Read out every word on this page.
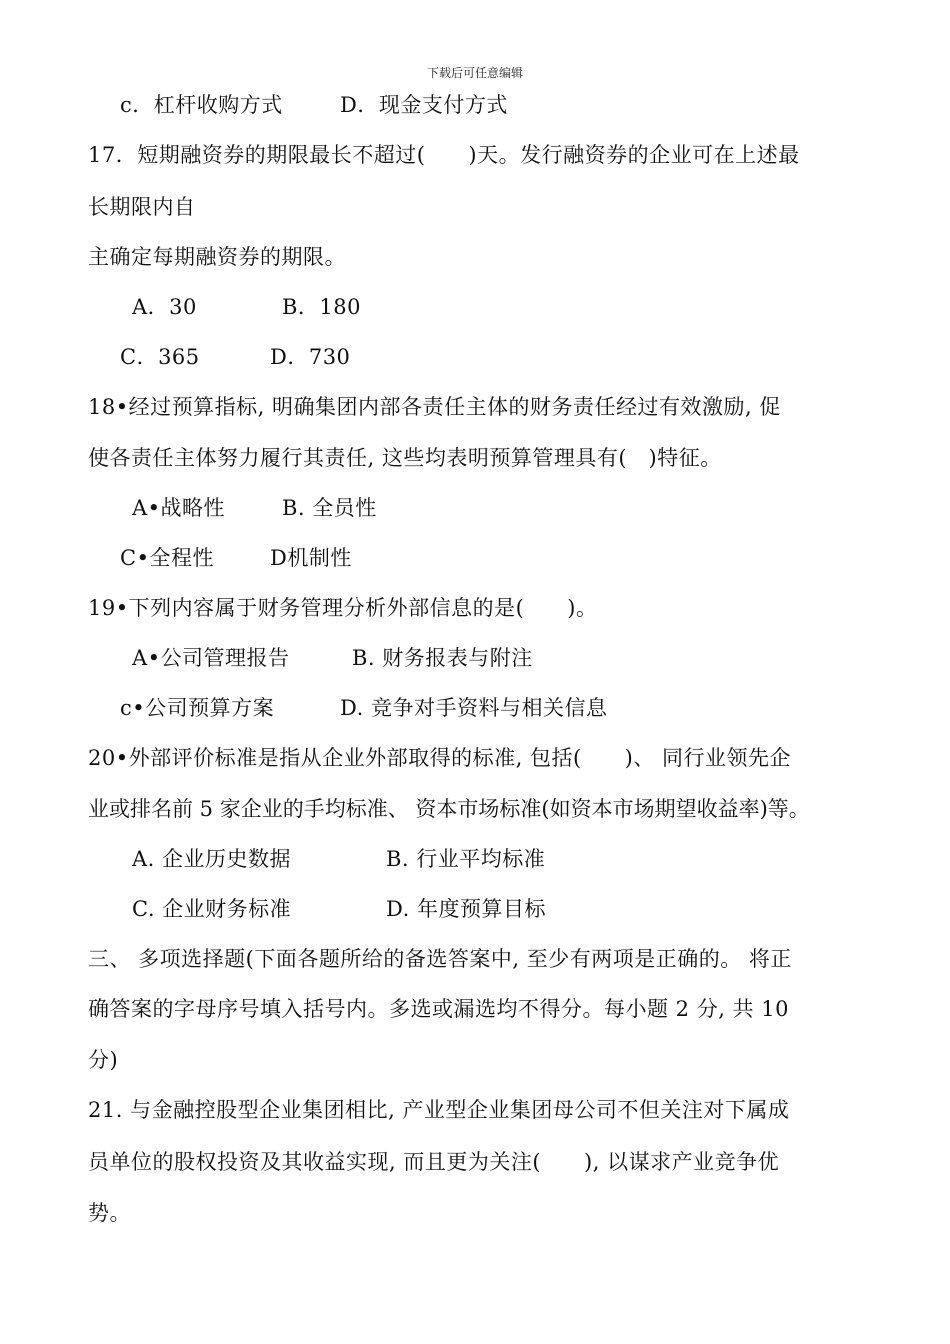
下载后可任意编辑
c．杠杆收购方式	D．现金支付方式
17．短期融资券的期限最长不超过(　　)天。发行融资券的企业可在上述最
长期限内自
主确定每期融资券的期限。
A．30	B．180
C．365	D．730
18•经过预算指标, 明确集团内部各责任主体的财务责任经过有效激励, 促
使各责任主体努力履行其责任, 这些均表明预算管理具有(　)特征。
A•战略性	B. 全员性
C•全程性	D机制性
19•下列内容属于财务管理分析外部信息的是(　　)。
A•公司管理报告	B. 财务报表与附注
c•公司预算方案	D. 竞争对手资料与相关信息
20•外部评价标准是指从企业外部取得的标准, 包括(　　)、 同行业领先企
业或排名前 5 家企业的手均标准、 资本市场标准(如资本市场期望收益率)等。
A. 企业历史数据	B. 行业平均标准
C. 企业财务标准	D. 年度预算目标
三、 多项选择题(下面各题所给的备选答案中, 至少有两项是正确的。 将正
确答案的字母序号填入括号内。多选或漏选均不得分。每小题 2 分, 共 10
分)
21. 与金融控股型企业集团相比, 产业型企业集团母公司不但关注对下属成
员单位的股权投资及其收益实现, 而且更为关注(　　), 以谋求产业竞争优
势。
